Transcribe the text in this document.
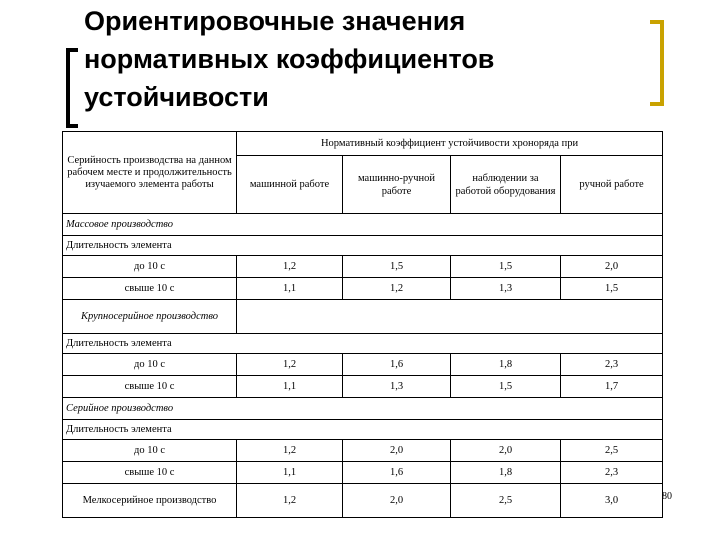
Ориентировочные значения
нормативных коэффициентов
устойчивости
Серийность производства на данном рабочем месте и продолжительность изучаемого элемента работы	Нормативный коэффициент устойчивости хроноряда при			
	машинной работе	машинно-ручной работе	наблюдении за работой оборудования	ручной работе
Массовое производство				
Длительность элемента				
до 10 с	1,2	1,5	1,5	2,0
свыше 10 с	1,1	1,2	1,3	1,5
Крупносерийное производство				
Длительность элемента				
до 10 с	1,2	1,6	1,8	2,3
свыше 10 с	1,1	1,3	1,5	1,7
Серийное производство				
Длительность элемента				
до 10 с	1,2	2,0	2,0	2,5
свыше 10 с	1,1	1,6	1,8	2,3
Мелкосерийное производство	1,2	2,0	2,5	3,0	80
